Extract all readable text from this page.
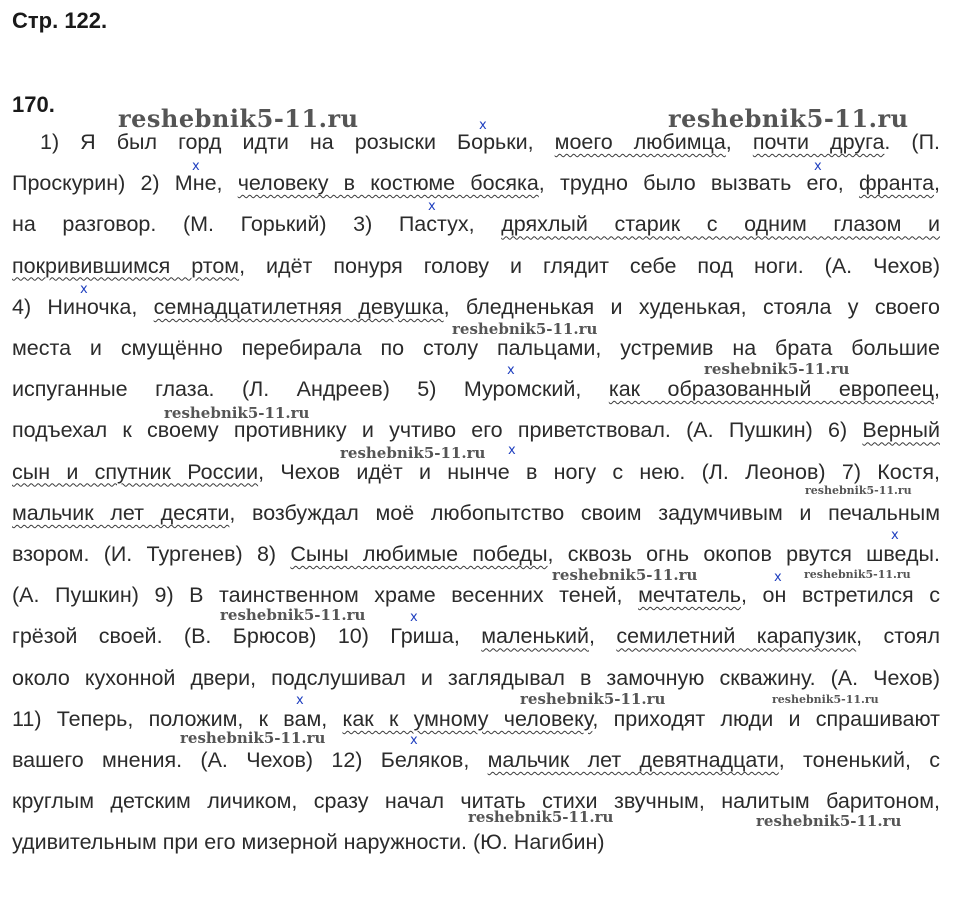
Стр. 122.
170.
1) Я был горд идти на розыски Борьки, моего любимца, почти друга. (П.
Проскурин) 2) Мне, человеку в костюме босяка, трудно было вызвать его, франта,
на разговор. (М. Горький) 3) Пастух, дряхлый старик с одним глазом и
покривившимся ртом, идёт понуря голову и глядит себе под ноги. (А. Чехов)
4) Ниночка, семнадцатилетняя девушка, бледненькая и худенькая, стояла у своего
места и смущённо перебирала по столу пальцами, устремив на брата большие
испуганные глаза. (Л. Андреев) 5) Муромский, как образованный европеец,
подъехал к своему противнику и учтиво его приветствовал. (А. Пушкин) 6) Верный
сын и спутник России, Чехов идёт и нынче в ногу с нею. (Л. Леонов) 7) Костя,
мальчик лет десяти, возбуждал моё любопытство своим задумчивым и печальным
взором. (И. Тургенев) 8) Сыны любимые победы, сквозь огнь окопов рвутся шведы.
(А. Пушкин) 9) В таинственном храме весенних теней, мечтатель, он встретился с
грёзой своей. (В. Брюсов) 10) Гриша, маленький, семилетний карапузик, стоял
около кухонной двери, подслушивал и заглядывал в замочную скважину. (А. Чехов)
11) Теперь, положим, к вам, как к умному человеку, приходят люди и спрашивают
вашего мнения. (А. Чехов) 12) Беляков, мальчик лет девятнадцати, тоненький, с
круглым детским личиком, сразу начал читать стихи звучным, налитым баритоном,
удивительным при его мизерной наружности. (Ю. Нагибин)
reshebnik5-11.ru	reshebnik5-11.ru
reshebnik5-11.ru
reshebnik5-11.ru
reshebnik5-11.ru
reshebnik5-11.ru
reshebnik5-11.ru
reshebnik5-11.ru	reshebnik5-11.ru
reshebnik5-11.ru
reshebnik5-11.ru	reshebnik5-11.ru
reshebnik5-11.ru
reshebnik5-11.ru	reshebnik5-11.ru
x
x	x
x
x
x
x
x
x
x
x
x
